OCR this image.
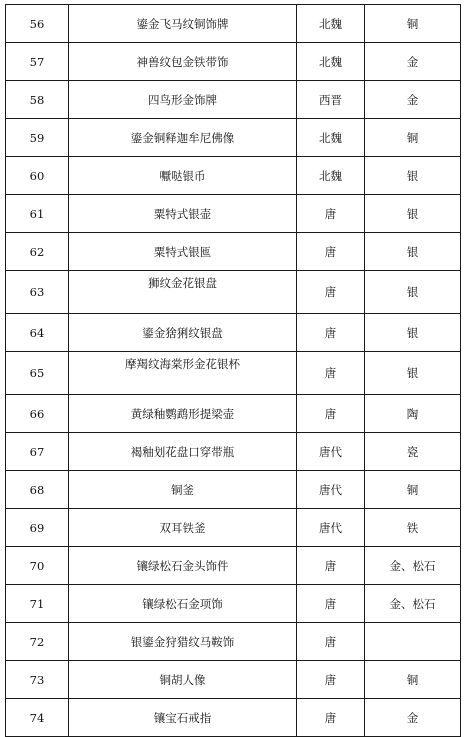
56	鎏金飞马纹铜饰牌	北魏	铜
57	神兽纹包金铁带饰	北魏	金
58	四鸟形金饰牌	西晋	金
59	鎏金铜释迦牟尼佛像	北魏	铜
60	嚈哒银币	北魏	银
61	粟特式银壶	唐	银
62	粟特式银匜	唐	银
63	狮纹金花银盘	唐	银
64	鎏金猞猁纹银盘	唐	银
65	摩羯纹海棠形金花银杯	唐	银
66	黄绿釉鹦鹉形提梁壶	唐	陶
67	褐釉划花盘口穿带瓶	唐代	瓷
68	铜釜	唐代	铜
69	双耳铁釜	唐代	铁
70	镶绿松石金头饰件	唐	金、松石
71	镶绿松石金项饰	唐	金、松石
72	银鎏金狩猎纹马鞍饰	唐	
73	铜胡人像	唐	铜
74	镶宝石戒指	唐	金
